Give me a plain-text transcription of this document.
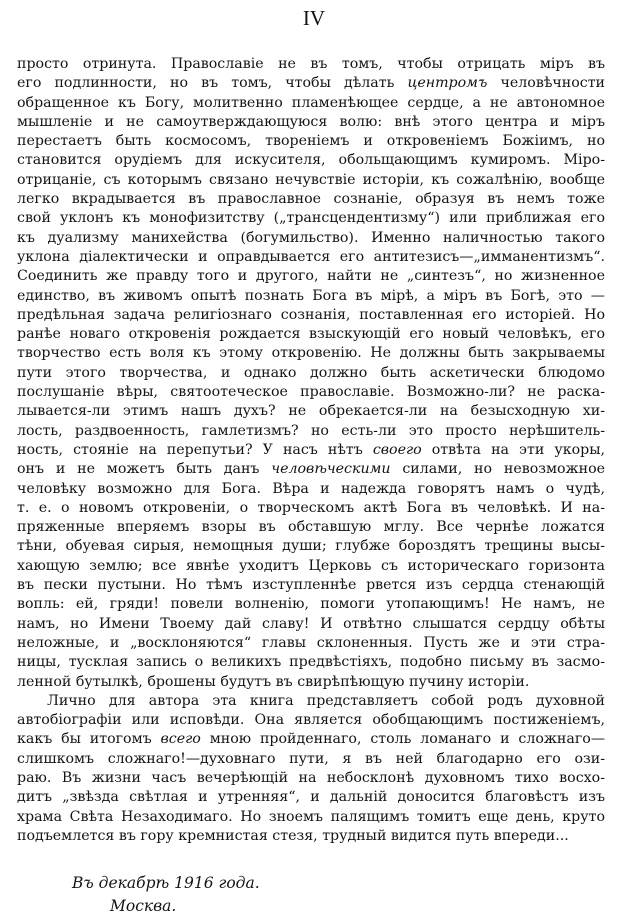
IV
просто отринута. Православіе не въ томъ, чтобы отрицать міръ въ
его подлинности, но въ томъ, чтобы дѣлать центромъ человѣчности
обращенное къ Богу, молитвенно пламенѣющее сердце, а не автономное
мышленіе и не самоутверждающуюся волю: внѣ этого центра и міръ
перестаетъ быть космосомъ, твореніемъ и откровеніемъ Божіимъ, но
становится орудіемъ для искусителя, обольщающимъ кумиромъ. Міро-
отрицаніе, съ которымъ связано нечувствіе исторіи, къ сожалѣнію, вообще
легко вкрадывается въ православное сознаніе, образуя въ немъ тоже
свой уклонъ къ монофизитству („трансцендентизму“) или приближая его
къ дуализму манихейства (богумильство). Именно наличностью такого
уклона діалектически и оправдывается его антитезисъ—„имманентизмъ“.
Соединить же правду того и другого, найти не „синтезъ“, но жизненное
единство, въ живомъ опытѣ познать Бога въ мірѣ, а міръ въ Богѣ, это —
предѣльная задача религіознаго сознанія, поставленная его исторіей. Но
ранѣе новаго откровенія рождается взыскующій его новый человѣкъ, его
творчество есть воля къ этому откровенію. Не должны быть закрываемы
пути этого творчества, и однако должно быть аскетически блюдомо
послушаніе вѣры, святоотеческое православіе. Возможно-ли? не раска-
лывается-ли этимъ нашъ духъ? не обрекается-ли на безысходную хи-
лость, раздвоенность, гамлетизмъ? но есть-ли это просто нерѣшитель-
ность, стояніе на перепутьи? У насъ нѣтъ своего отвѣта на эти укоры,
онъ и не можетъ быть данъ человѣческими силами, но невозможное
человѣку возможно для Бога. Вѣра и надежда говорятъ намъ о чудѣ,
т. е. о новомъ откровеніи, о творческомъ актѣ Бога въ человѣкѣ. И на-
пряженные вперяемъ взоры въ обставшую мглу. Все чернѣе ложатся
тѣни, обуевая сирыя, немощныя души; глубже бороздятъ трещины высы-
хающую землю; все явнѣе уходитъ Церковь съ историческаго горизонта
въ пески пустыни. Но тѣмъ изступленнѣе рвется изъ сердца стенающій
вопль: ей, гряди! повели волненію, помоги утопающимъ! Не намъ, не
намъ, но Имени Твоему дай славу! И отвѣтно слышатся сердцу обѣты
неложные, и „восклоняются“ главы склоненныя. Пусть же и эти стра-
ницы, тусклая запись о великихъ предвѣстіяхъ, подобно письму въ засмо-
ленной бутылкѣ, брошены будутъ въ свирѣпѣющую пучину исторіи.
Лично для автора эта книга представляетъ собой родъ духовной
автобіографіи или исповѣди. Она является обобщающимъ постиженіемъ,
какъ бы итогомъ всего мною пройденнаго, столь ломанаго и сложнаго—
слишкомъ сложнаго!—духовнаго пути, я въ ней благодарно его ози-
раю. Въ жизни часъ вечерѣющій на небосклонѣ духовномъ тихо восхо-
дитъ „звѣзда свѣтлая и утренняя“, и дальній доносится благовѣстъ изъ
храма Свѣта Незаходимаго. Но зноемъ палящимъ томитъ еще день, круто
подъемлется въ гору кремнистая стезя, трудный видится путь впереди...
Въ декабрѣ 1916 года.
Москва.
